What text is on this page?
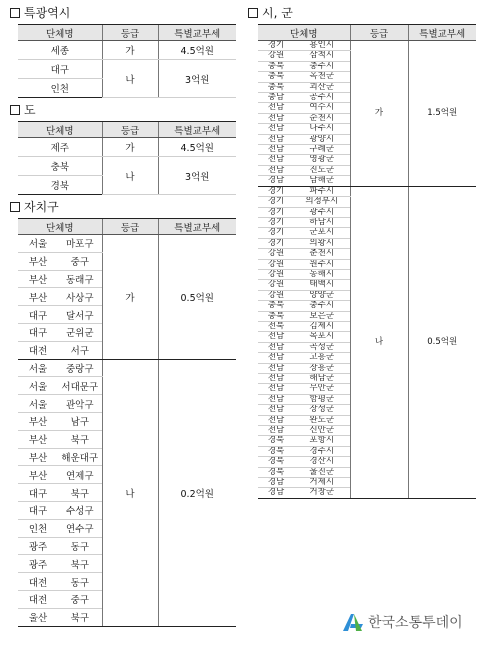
특광역시
단체명	등급	특별교부세
세종	가	4.5억원
대구	나	3억원
인천		
도
단체명	등급	특별교부세
제주	가	4.5억원
충북	나	3억원
경북		
자치구
단체명		등급	특별교부세
서울	마포구	가	0.5억원
부산	중구		
부산	동래구		
부산	사상구		
대구	달서구		
대구	군위군		
대전	서구		
서울	중랑구	나	0.2억원
서울	서대문구		
서울	관악구		
부산	남구		
부산	북구		
부산	해운대구		
부산	연제구		
대구	북구		
대구	수성구		
인천	연수구		
광주	동구		
광주	북구		
대전	동구		
대전	중구		
울산	북구		
시, 군
단체명		등급	특별교부세
경기	용인시	가	1.5억원
강원	삼척시		
충북	충주시		
충북	옥천군		
충북	괴산군		
충남	공주시		
전남	여수시		
전남	순천시		
전남	나주시		
전남	광양시		
전남	구례군		
전남	영광군		
전남	진도군		
경남	남해군		
경기	파주시	나	0.5억원
경기	의정부시		
경기	광주시		
경기	하남시		
경기	군포시		
경기	의왕시		
강원	춘천시		
강원	원주시		
강원	동해시		
강원	태백시		
강원	양양군		
충북	충주시		
충북	보은군		
전북	김제시		
전남	목포시		
전남	곡성군		
전남	고흥군		
전남	장흥군		
전남	해남군		
전남	무안군		
전남	함평군		
전남	장성군		
전남	완도군		
전남	신안군		
경북	포항시		
경북	경주시		
경북	경산시		
경북	울진군		
경남	거제시		
경남	거창군		
한국소통투데이
